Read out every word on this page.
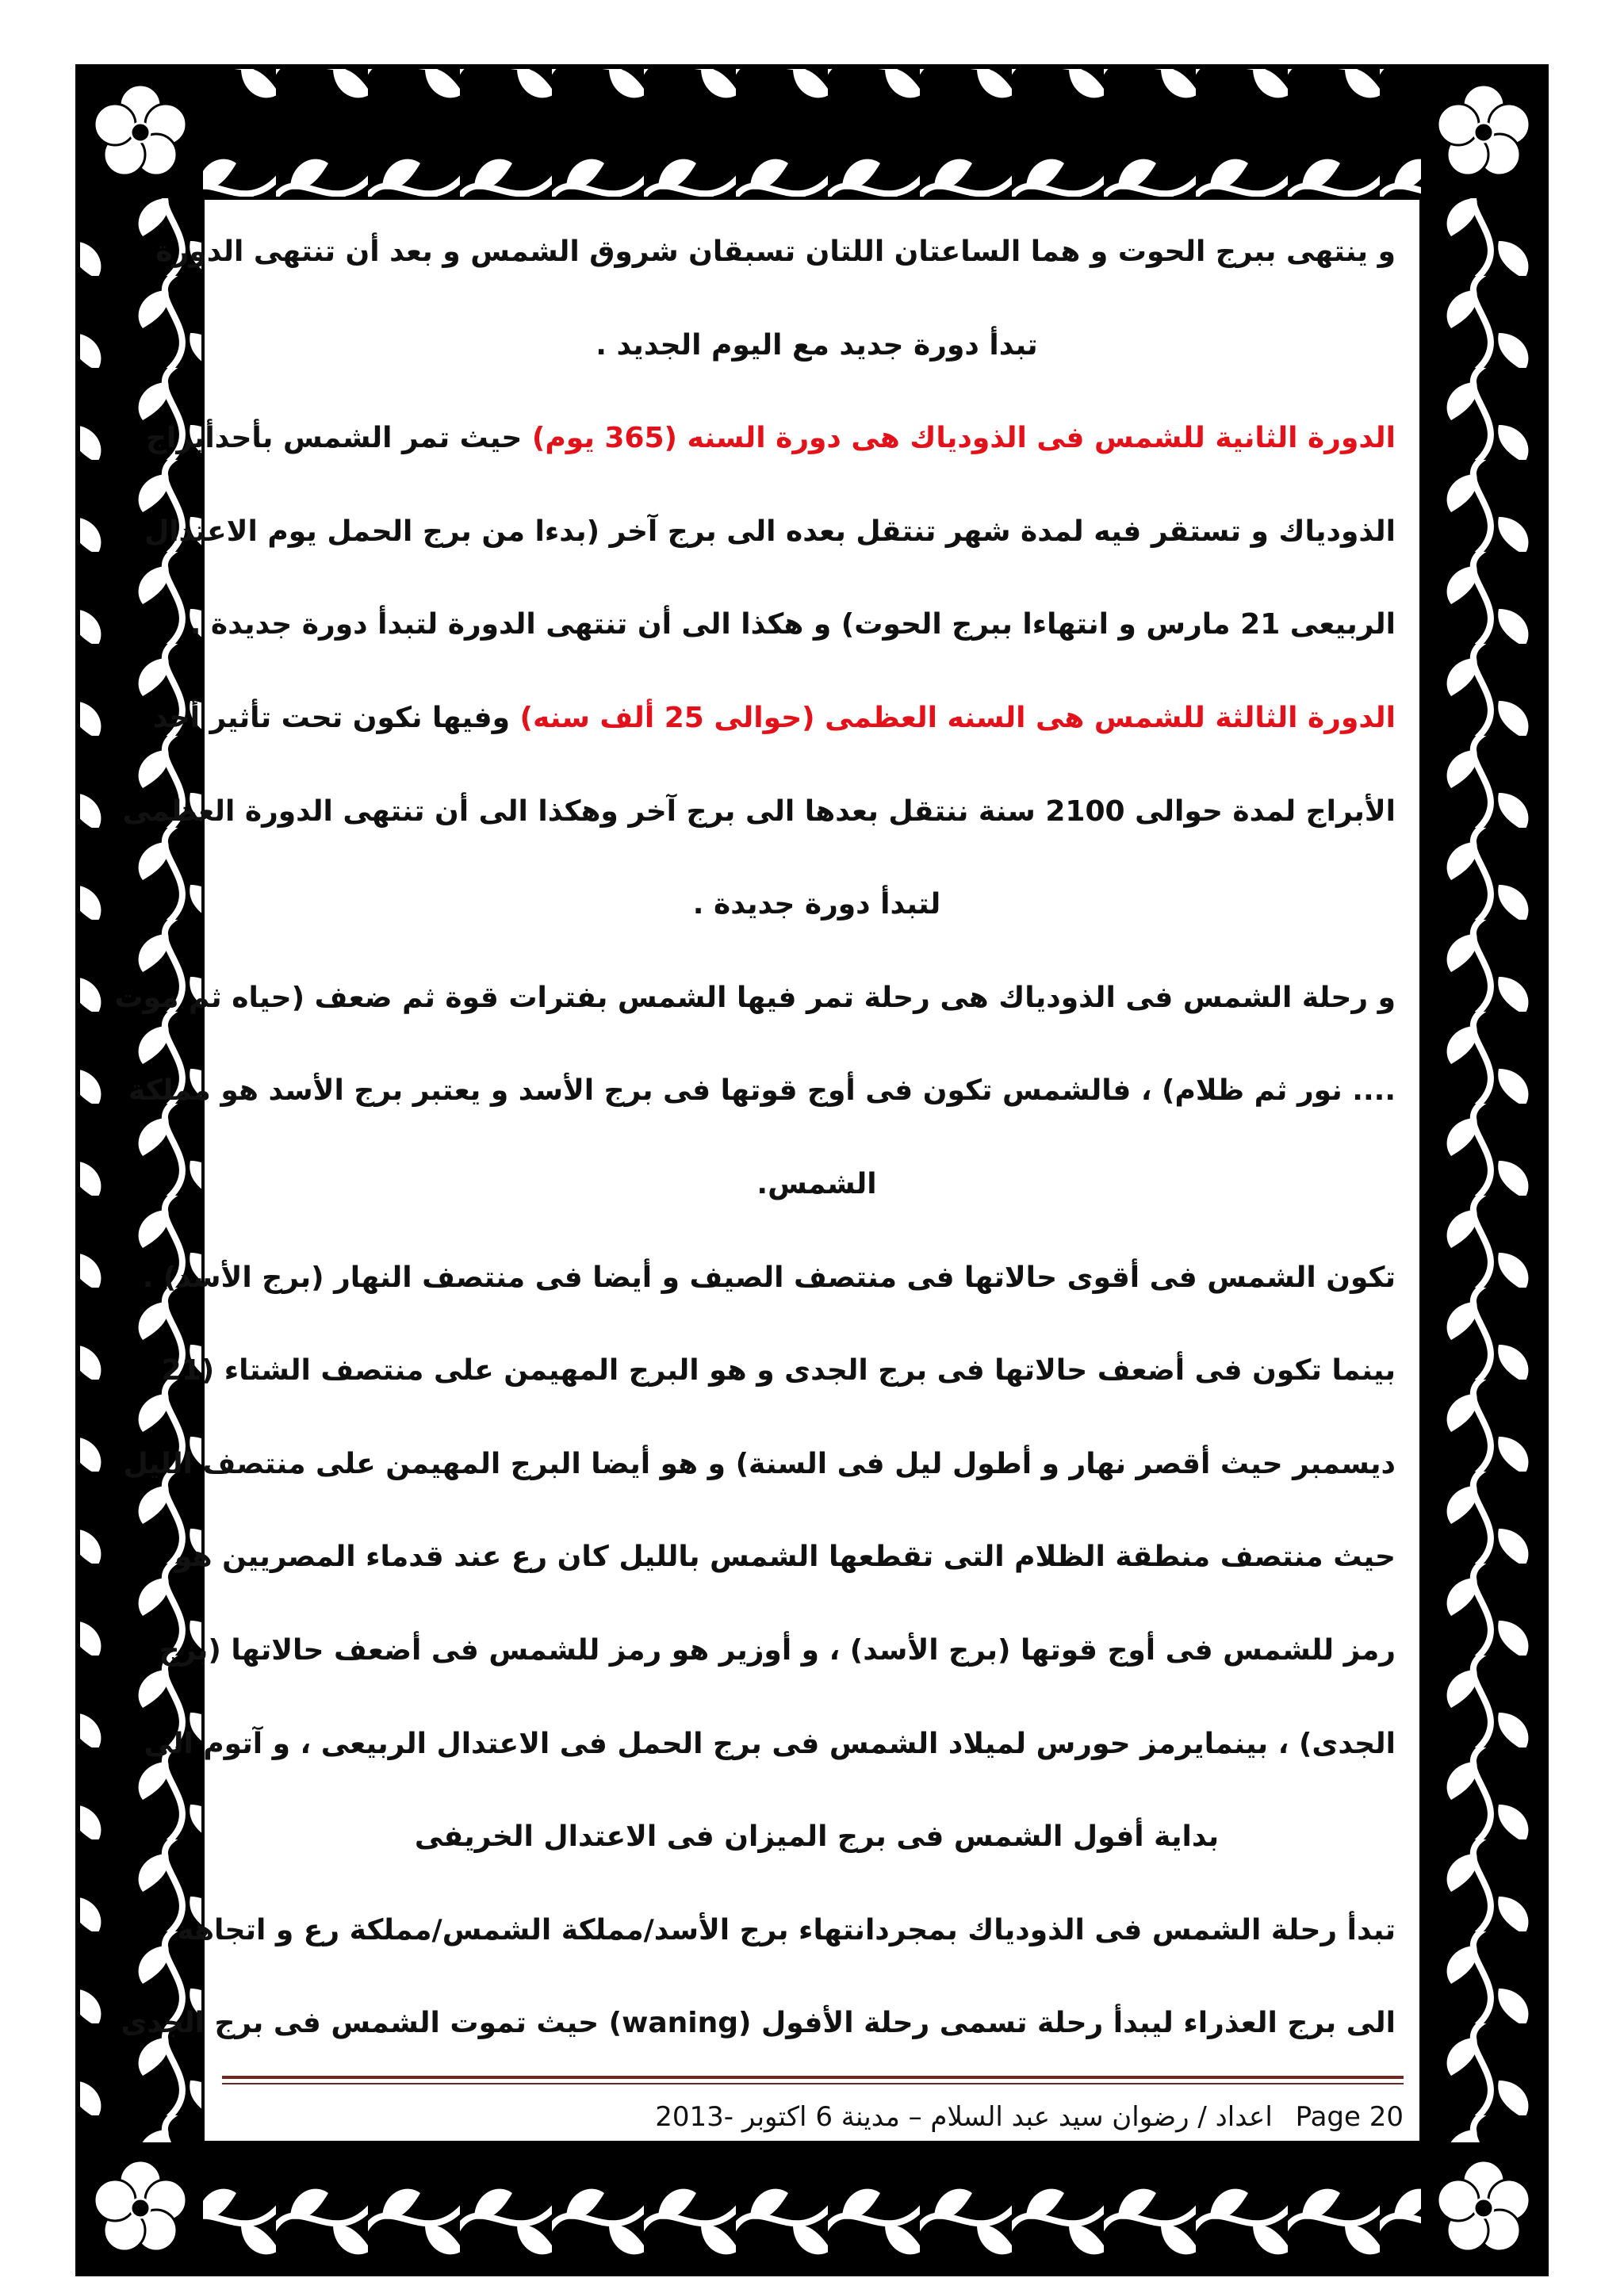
و ينتهى ببرج الحوت و هما الساعتان اللتان تسبقان شروق الشمس و بعد أن تنتهى الدورة
تبدأ دورة جديد مع اليوم الجديد .
الدورة الثانية للشمس فى الذودياك هى دورة السنه (365 يوم) حيث تمر الشمس بأحدأبراج
الذودياك و تستقر فيه لمدة شهر تنتقل بعده الى برج آخر (بدءا من برج الحمل يوم الاعتدال
الربيعى 21 مارس و انتهاءا ببرج الحوت) و هكذا الى أن تنتهى الدورة لتبدأ دورة جديدة .
الدورة الثالثة للشمس هى السنه العظمى (حوالى 25 ألف سنه) وفيها نكون تحت تأثير أحد
الأبراج لمدة حوالى 2100 سنة ننتقل بعدها الى برج آخر وهكذا الى أن تنتهى الدورة العظمى
لتبدأ دورة جديدة .
و رحلة الشمس فى الذودياك هى رحلة تمر فيها الشمس بفترات قوة ثم ضعف (حياه ثم موت
.... نور ثم ظلام) ، فالشمس تكون فى أوج قوتها فى برج الأسد و يعتبر برج الأسد هو مملكة
الشمس.
تكون الشمس فى أقوى حالاتها فى منتصف الصيف و أيضا فى منتصف النهار (برج الأسد) .
بينما تكون فى أضعف حالاتها فى برج الجدى و هو البرج المهيمن على منتصف الشتاء (21
ديسمبر حيث أقصر نهار و أطول ليل فى السنة) و هو أيضا البرج المهيمن على منتصف الليل
حيث منتصف منطقة الظلام التى تقطعها الشمس بالليل كان رع عند قدماء المصريين هو
رمز للشمس فى أوج قوتها (برج الأسد) ، و أوزير هو رمز للشمس فى أضعف حالاتها (برج
الجدى) ، بينمايرمز حورس لميلاد الشمس فى برج الحمل فى الاعتدال الربيعى ، و آتوم الى
بداية أفول الشمس فى برج الميزان فى الاعتدال الخريفى
تبدأ رحلة الشمس فى الذودياك بمجردانتهاء برج الأسد/مملكة الشمس/مملكة رع و اتجاهه
الى برج العذراء ليبدأ رحلة تسمى رحلة الأفول (waning) حيث تموت الشمس فى برج الجدى
اعداد / رضوان سيد عبد السلام – مدينة 6 اكتوبر -2013 Page 20
